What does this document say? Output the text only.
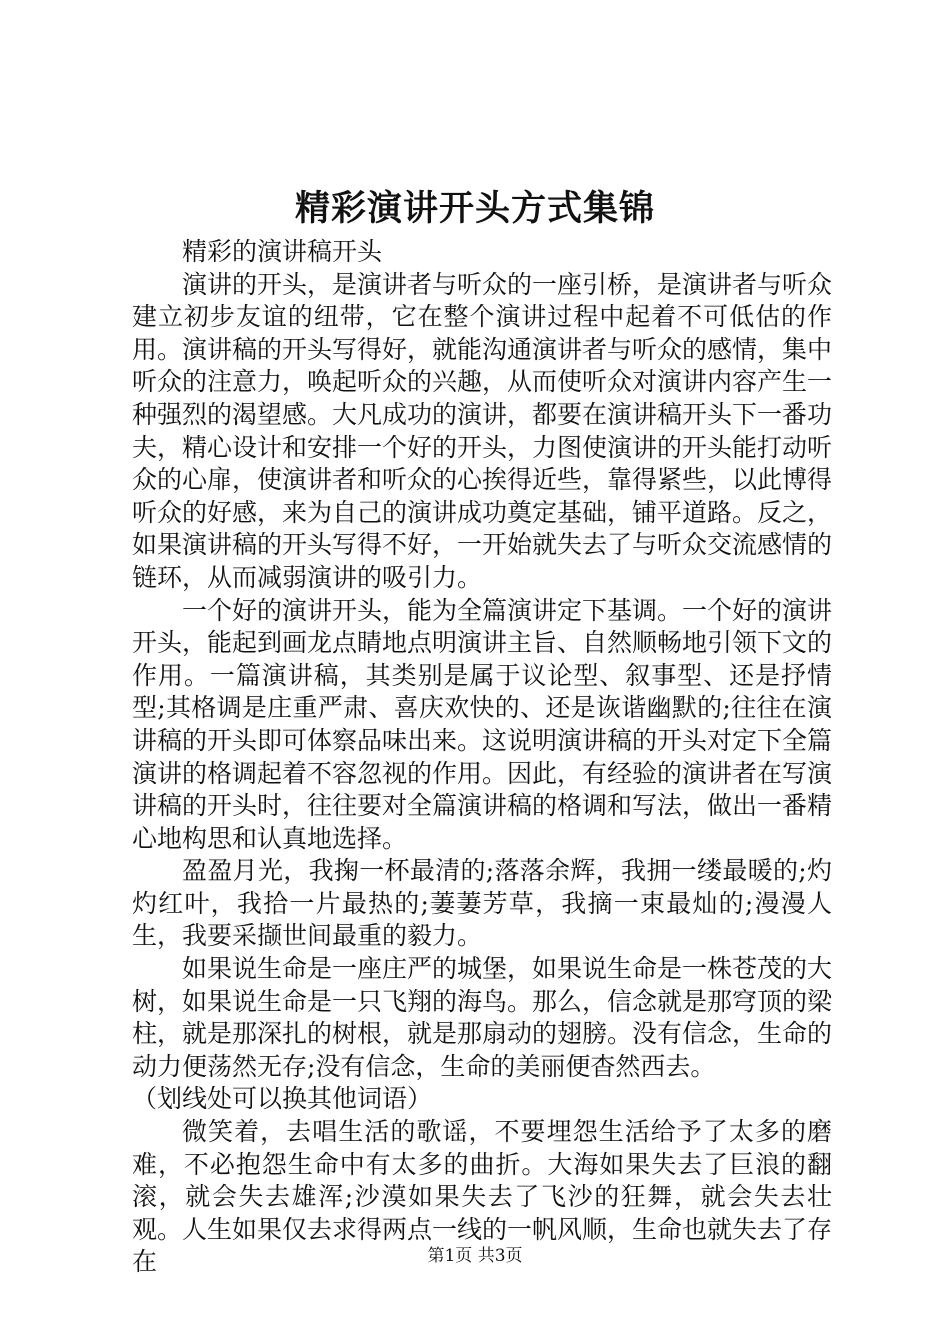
精彩演讲开头方式集锦

精彩的演讲稿开头

演讲的开头，是演讲者与听众的一座引桥，是演讲者与听众建立初步友谊的纽带，它在整个演讲过程中起着不可低估的作用。演讲稿的开头写得好，就能沟通演讲者与听众的感情，集中听众的注意力，唤起听众的兴趣，从而使听众对演讲内容产生一种强烈的渴望感。大凡成功的演讲，都要在演讲稿开头下一番功夫，精心设计和安排一个好的开头，力图使演讲的开头能打动听众的心扉，使演讲者和听众的心挨得近些，靠得紧些，以此博得听众的好感，来为自己的演讲成功奠定基础，铺平道路。反之，如果演讲稿的开头写得不好，一开始就失去了与听众交流感情的链环，从而减弱演讲的吸引力。

一个好的演讲开头，能为全篇演讲定下基调。一个好的演讲开头，能起到画龙点睛地点明演讲主旨、自然顺畅地引领下文的作用。一篇演讲稿，其类别是属于议论型、叙事型、还是抒情型;其格调是庄重严肃、喜庆欢快的、还是诙谐幽默的;往往在演讲稿的开头即可体察品味出来。这说明演讲稿的开头对定下全篇演讲的格调起着不容忽视的作用。因此，有经验的演讲者在写演讲稿的开头时，往往要对全篇演讲稿的格调和写法，做出一番精心地构思和认真地选择。

盈盈月光，我掬一杯最清的;落落余辉，我拥一缕最暖的;灼灼红叶，我拾一片最热的;萋萋芳草，我摘一束最灿的;漫漫人生，我要采撷世间最重的毅力。

如果说生命是一座庄严的城堡，如果说生命是一株苍茂的大树，如果说生命是一只飞翔的海鸟。那么，信念就是那穹顶的梁柱，就是那深扎的树根，就是那扇动的翅膀。没有信念，生命的动力便荡然无存;没有信念，生命的美丽便杳然西去。

（划线处可以换其他词语）

微笑着，去唱生活的歌谣，不要埋怨生活给予了太多的磨难，不必抱怨生命中有太多的曲折。大海如果失去了巨浪的翻滚，就会失去雄浑;沙漠如果失去了飞沙的狂舞，就会失去壮观。人生如果仅去求得两点一线的一帆风顺，生命也就失去了存在	第1页 共3页
